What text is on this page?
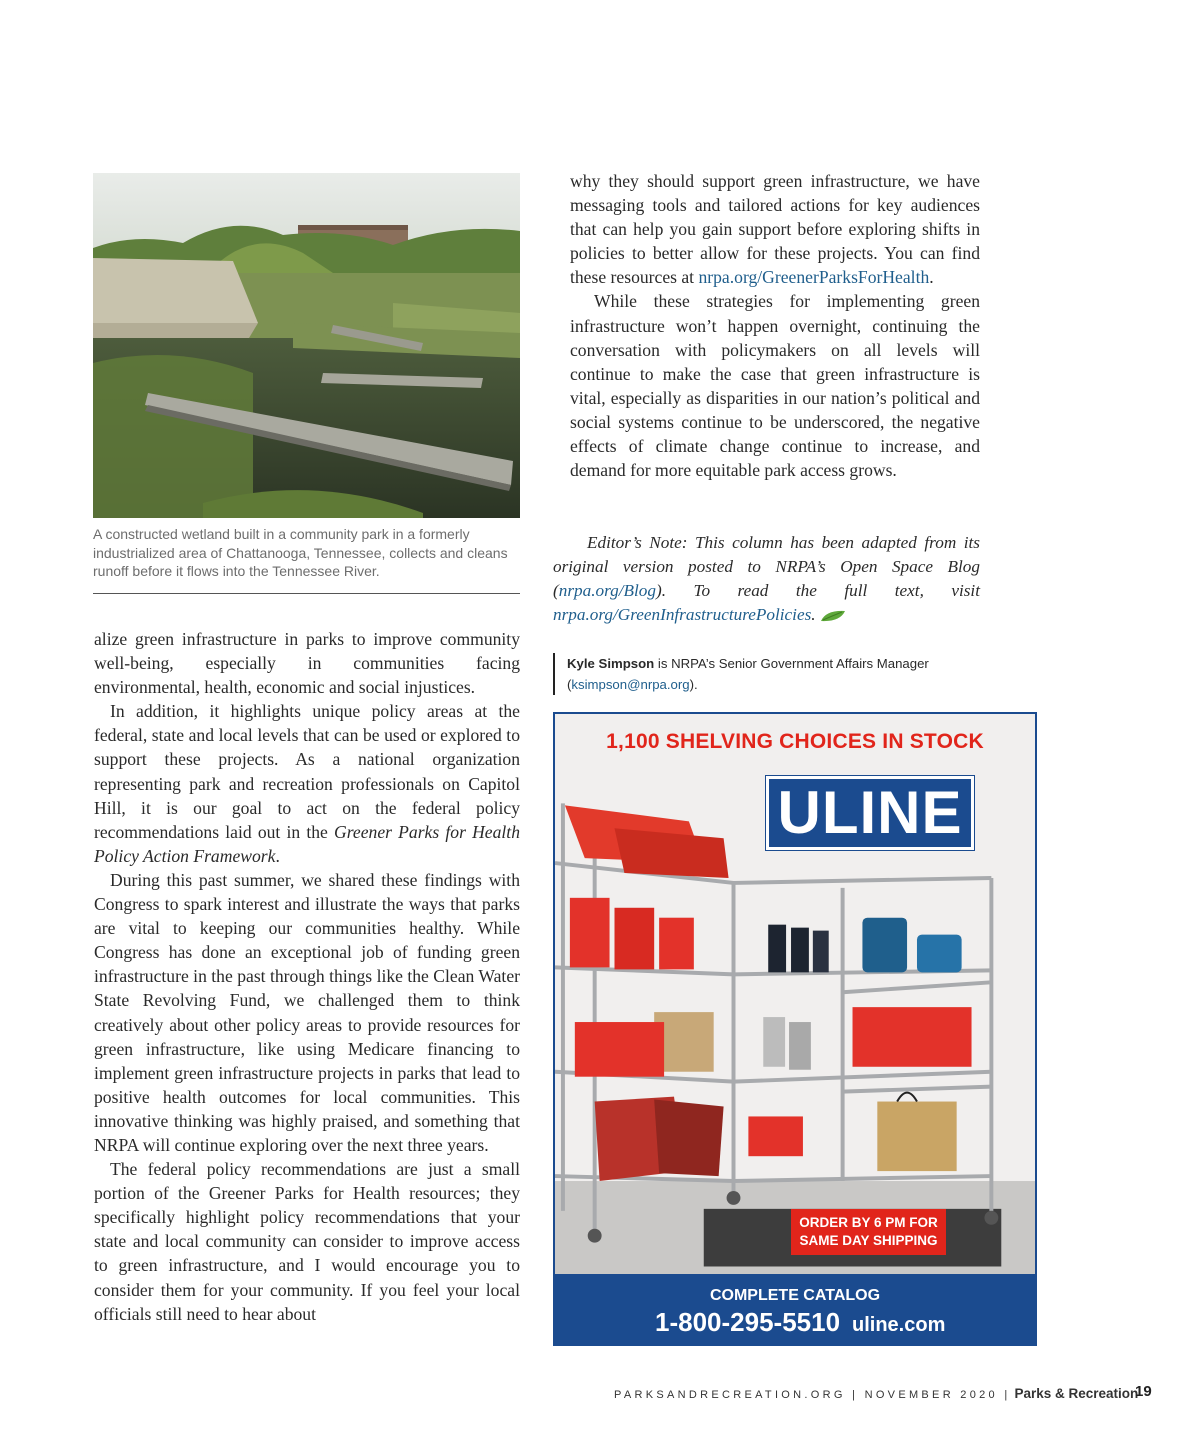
A constructed wetland built in a community park in a formerly industrialized area of Chattanooga, Tennessee, collects and cleans runoff before it flows into the Tennessee River.

alize green infrastructure in parks to improve community well-being, especially in communities facing environmental, health, economic and social injustices.

In addition, it highlights unique policy areas at the federal, state and local levels that can be used or explored to support these projects. As a national organization representing park and recreation professionals on Capitol Hill, it is our goal to act on the federal policy recommendations laid out in the Greener Parks for Health Policy Action Framework.

During this past summer, we shared these findings with Congress to spark interest and illustrate the ways that parks are vital to keeping our communities healthy. While Congress has done an exceptional job of funding green infrastructure in the past through things like the Clean Water State Revolving Fund, we challenged them to think creatively about other policy areas to provide resources for green infrastructure, like using Medicare financing to implement green infrastructure projects in parks that lead to positive health outcomes for local communities. This innovative thinking was highly praised, and something that NRPA will continue exploring over the next three years.

The federal policy recommendations are just a small portion of the Greener Parks for Health resources; they specifically highlight policy recommendations that your state and local community can consider to improve access to green infrastructure, and I would encourage you to consider them for your community. If you feel your local officials still need to hear about

why they should support green infrastructure, we have messaging tools and tailored actions for key audiences that can help you gain support before exploring shifts in policies to better allow for these projects. You can find these resources at nrpa.org/GreenerParksForHealth.

While these strategies for implementing green infrastructure won’t happen overnight, continuing the conversation with policymakers on all levels will continue to make the case that green infrastructure is vital, especially as disparities in our nation’s political and social systems continue to be underscored, the negative effects of climate change continue to increase, and demand for more equitable park access grows.

Editor’s Note: This column has been adapted from its original version posted to NRPA’s Open Space Blog (nrpa.org/Blog). To read the full text, visit nrpa.org/GreenInfrastructurePolicies.
Kyle Simpson is NRPA’s Senior Government Affairs Manager
(ksimpson@nrpa.org).
1,100 SHELVING CHOICES IN STOCK
ULINE
ORDER BY 6 PM FOR
SAME DAY SHIPPING
COMPLETE CATALOG
1-800-295-5510 uline.com
PARKSANDRECREATION.ORG | NOVEMBER 2020 | Parks & Recreation
19
